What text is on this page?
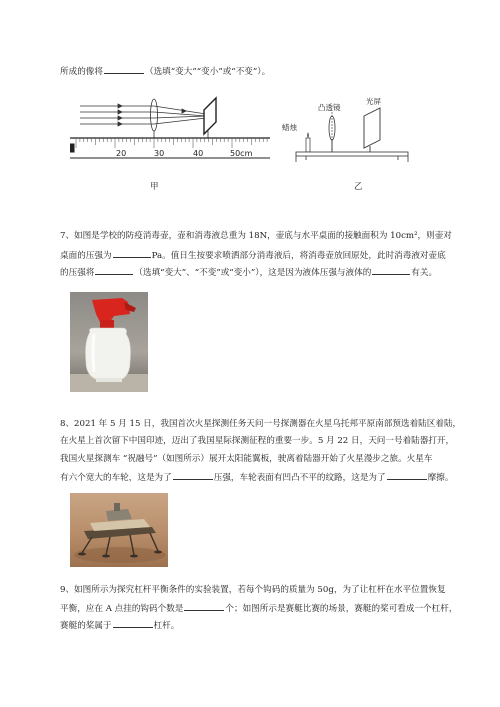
所成的像将	（选填“变大”“变小”或“不变”）。
20	30	40	50cm
甲
蜡烛
凸透镜
光屏
乙
7、如图是学校的防疫消毒壶，壶和消毒液总重为 18N，壶底与水平桌面的接触面积为 10cm²，则壶对
桌面的压强为	Pa。值日生按要求喷洒部分消毒液后，将消毒壶放回原处，此时消毒液对壶底
的压强将	（选填“变大”、“不变”或“变小”），这是因为液体压强与液体的	有关。
8、2021 年 5 月 15 日，我国首次火星探测任务天问一号探测器在火星乌托邦平原南部预选着陆区着陆，
在火星上首次留下中国印迹，迈出了我国星际探测征程的重要一步。5 月 22 日，天问一号着陆器打开，
我国火星探测车 “祝融号”（如图所示）展开太阳能翼板，驶离着陆器开始了火星漫步之旅。火星车
有六个宽大的车轮，这是为了	压强，车轮表面有凹凸不平的纹路，这是为了	摩擦。
9、如图所示为探究杠杆平衡条件的实验装置，若每个钩码的质量为 50g，为了让杠杆在水平位置恢复
平衡，应在 A 点挂的钩码个数是	个；如图所示是赛艇比赛的场景，赛艇的桨可看成一个杠杆，
赛艇的桨属于	杠杆。
